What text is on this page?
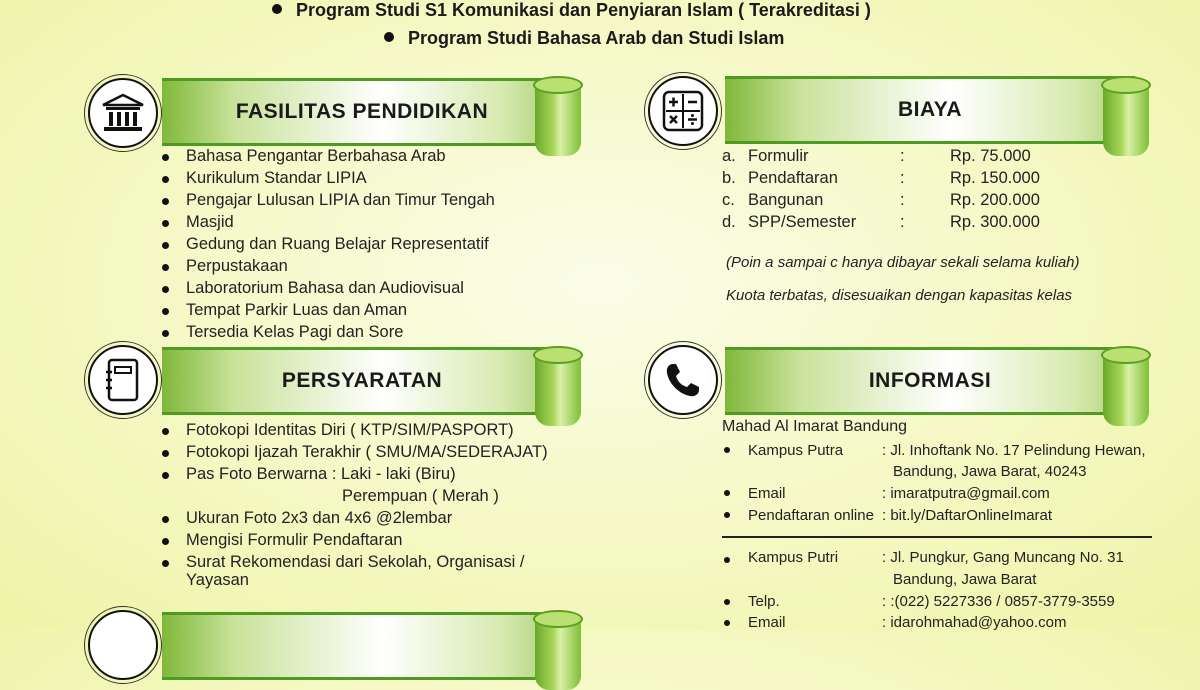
Program Studi S1 Komunikasi dan Penyiaran Islam ( Terakreditasi )
Program Studi Bahasa Arab dan Studi Islam
FASILITAS PENDIDIKAN
Bahasa Pengantar Berbahasa Arab
Kurikulum Standar LIPIA
Pengajar Lulusan LIPIA dan Timur Tengah
Masjid
Gedung dan Ruang Belajar Representatif
Perpustakaan
Laboratorium Bahasa dan Audiovisual
Tempat Parkir Luas dan Aman
Tersedia Kelas Pagi dan Sore
PERSYARATAN
Fotokopi Identitas Diri ( KTP/SIM/PASPORT)
Fotokopi Ijazah Terakhir ( SMU/MA/SEDERAJAT)
Pas Foto Berwarna : Laki - laki (Biru)
Perempuan ( Merah )
Ukuran Foto 2x3 dan 4x6 @2lembar
Mengisi Formulir Pendaftaran
Surat Rekomendasi dari Sekolah, Organisasi /
Yayasan
BIAYA
a. Formulir	:	Rp. 75.000
b. Pendaftaran	:	Rp. 150.000
c. Bangunan	:	Rp. 200.000
d. SPP/Semester	:	Rp. 300.000
(Poin a sampai c hanya dibayar sekali selama kuliah)
Kuota terbatas, disesuaikan dengan kapasitas kelas
INFORMASI
Mahad Al Imarat Bandung
Kampus Putra	: Jl. Inhoftank No. 17 Pelindung Hewan,
Bandung, Jawa Barat, 40243
Email	: imaratputra@gmail.com
Pendaftaran online : bit.ly/DaftarOnlineImarat
Kampus Putri	: Jl. Pungkur, Gang Muncang No. 31
Bandung, Jawa Barat
Telp.	: :(022) 5227336 / 0857-3779-3559
Email	: idarohmahad@yahoo.com
